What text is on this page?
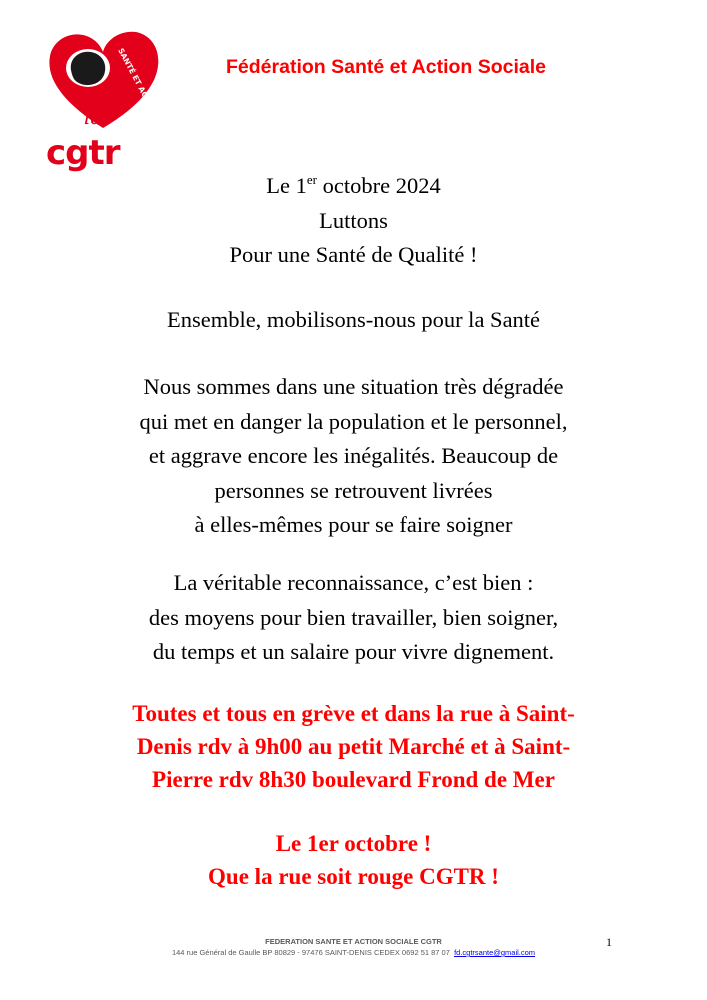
SANTÉ ET ACTION SOCIALE
la
cgtr
Fédération Santé et Action Sociale

Le 1er octobre 2024

Luttons

Pour une Santé de Qualité !

Ensemble, mobilisons-nous pour la Santé

Nous sommes dans une situation très dégradée

qui met en danger la population et le personnel,

et aggrave encore les inégalités. Beaucoup de

personnes se retrouvent livrées

à elles-mêmes pour se faire soigner

La véritable reconnaissance, c’est bien :

des moyens pour bien travailler, bien soigner,

du temps et un salaire pour vivre dignement.

Toutes et tous en grève et dans la rue à Saint-

Denis rdv à 9h00 au petit Marché et à Saint-

Pierre rdv 8h30 boulevard Frond de Mer

Le 1er octobre !

Que la rue soit rouge CGTR !

FEDERATION SANTE ET ACTION SOCIALE CGTR

144 rue Général de Gaulle BP 80829 - 97476 SAINT-DENIS CEDEX 0692 51 87 07 fd.cgtrsante@gmail.com

1
